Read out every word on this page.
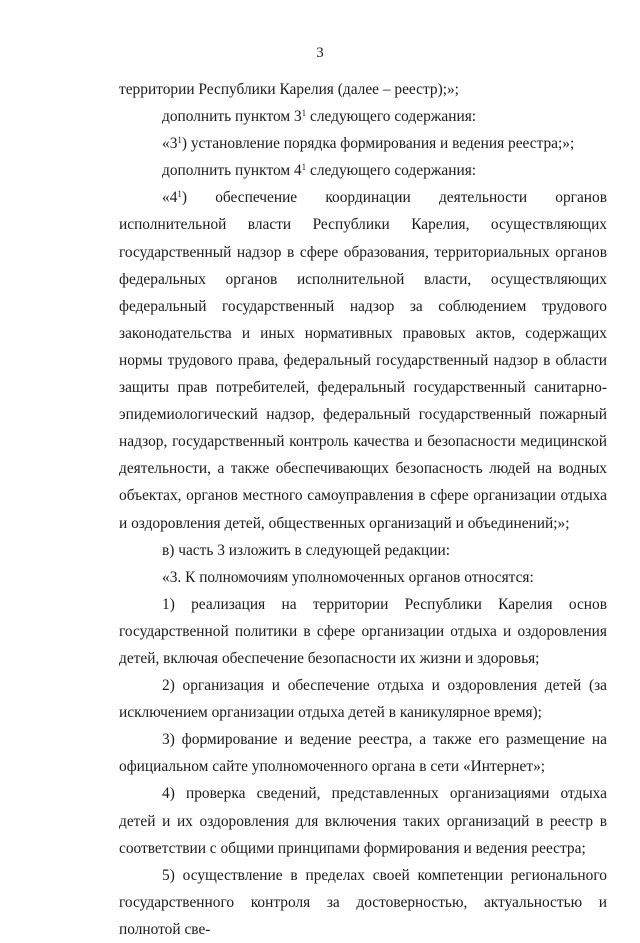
3

территории Республики Карелия (далее – реестр);»;

дополнить пунктом $3^1$ следующего содержания:

«$3^1$) установление порядка формирования и ведения реестра;»;

дополнить пунктом $4^1$ следующего содержания:

«$4^1$) обеспечение координации деятельности органов исполнительной власти Республики Карелия, осуществляющих государственный надзор в сфере образования, территориальных органов федеральных органов исполнительной власти, осуществляющих федеральный государственный надзор за соблюдением трудового законодательства и иных нормативных правовых актов, содержащих нормы трудового права, федеральный государственный надзор в области защиты прав потребителей, федеральный государственный санитарно-эпидемиологический надзор, федеральный государственный пожарный надзор, государственный контроль качества и безопасности медицинской деятельности, а также обеспечивающих безопасность людей на водных объектах, органов местного самоуправления в сфере организации отдыха и оздоровления детей, общественных организаций и объединений;»;

в) часть 3 изложить в следующей редакции:

«3. К полномочиям уполномоченных органов относятся:

1) реализация на территории Республики Карелия основ государственной политики в сфере организации отдыха и оздоровления детей, включая обеспечение безопасности их жизни и здоровья;

2) организация и обеспечение отдыха и оздоровления детей (за исключением организации отдыха детей в каникулярное время);

3) формирование и ведение реестра, а также его размещение на официальном сайте уполномоченного органа в сети «Интернет»;

4) проверка сведений, представленных организациями отдыха детей и их оздоровления для включения таких организаций в реестр в соответствии с общими принципами формирования и ведения реестра;

5) осуществление в пределах своей компетенции регионального государственного контроля за достоверностью, актуальностью и полнотой све-
